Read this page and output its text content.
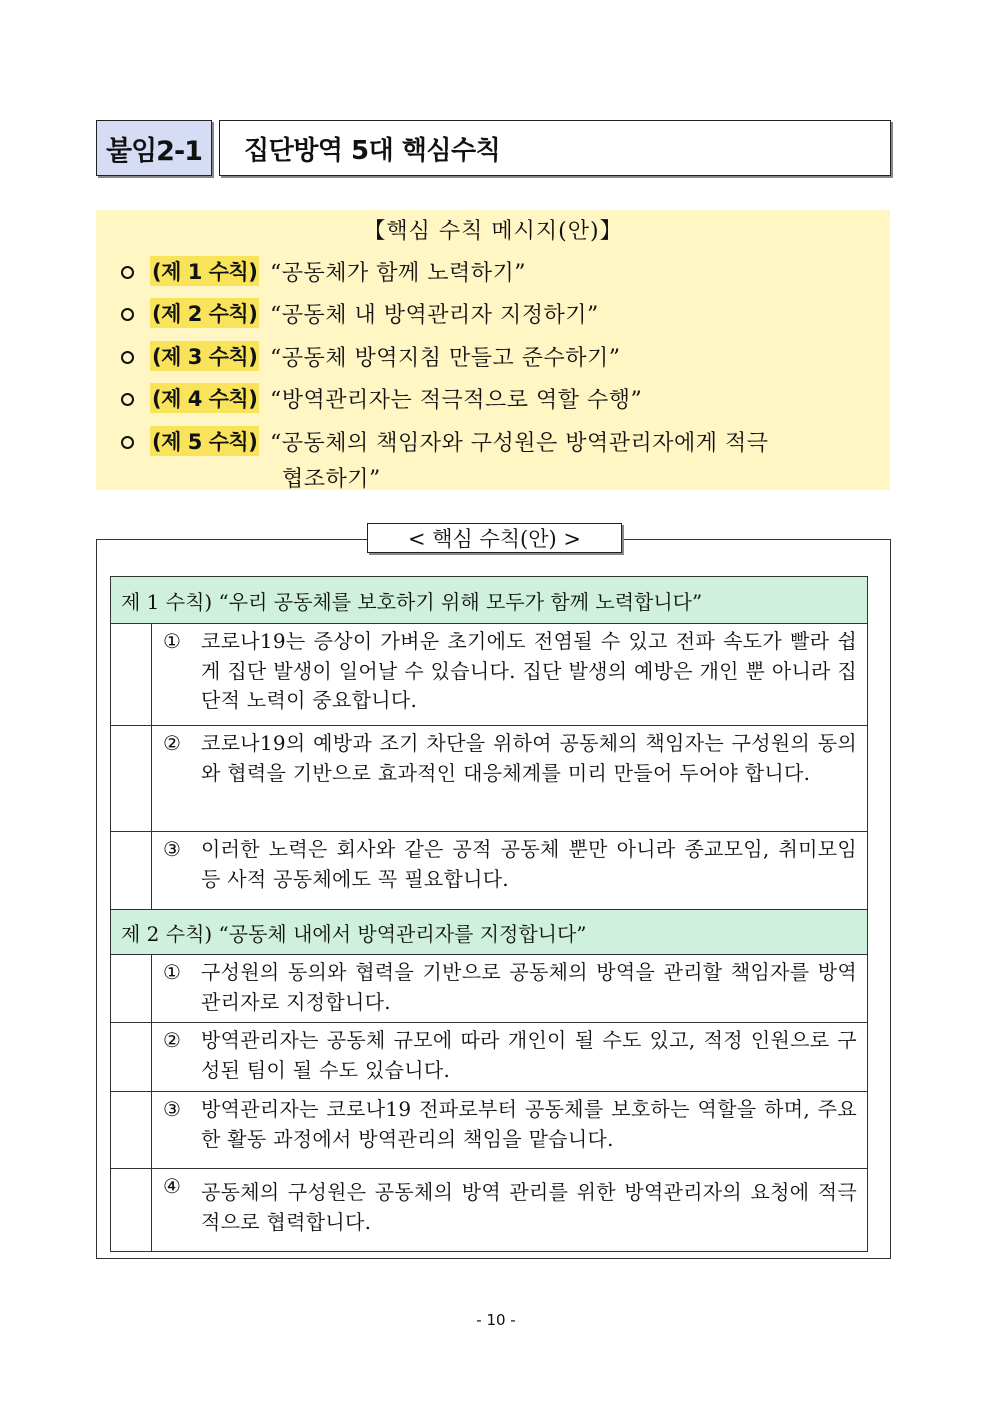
붙임2-1	집단방역 5대 핵심수칙
【핵심 수칙 메시지(안)】
(제 1 수칙) “공동체가 함께 노력하기”
(제 2 수칙) “공동체 내 방역관리자 지정하기”
(제 3 수칙) “공동체 방역지침 만들고 준수하기”
(제 4 수칙) “방역관리자는 적극적으로 역할 수행”
(제 5 수칙) “공동체의 책임자와 구성원은 방역관리자에게 적극
협조하기”
< 핵심 수칙(안) >
제 1 수칙) “우리 공동체를 보호하기 위해 모두가 함께 노력합니다”
① 코로나19는 증상이 가벼운 초기에도 전염될 수 있고 전파 속도가 빨라 쉽게 집단 발생이 일어날 수 있습니다. 집단 발생의 예방은 개인 뿐 아니라 집단적 노력이 중요합니다.
② 코로나19의 예방과 조기 차단을 위하여 공동체의 책임자는 구성원의 동의와 협력을 기반으로 효과적인 대응체계를 미리 만들어 두어야 합니다.
③ 이러한 노력은 회사와 같은 공적 공동체 뿐만 아니라 종교모임, 취미모임 등 사적 공동체에도 꼭 필요합니다.
제 2 수칙) “공동체 내에서 방역관리자를 지정합니다”
① 구성원의 동의와 협력을 기반으로 공동체의 방역을 관리할 책임자를 방역관리자로 지정합니다.
② 방역관리자는 공동체 규모에 따라 개인이 될 수도 있고, 적정 인원으로 구성된 팀이 될 수도 있습니다.
③ 방역관리자는 코로나19 전파로부터 공동체를 보호하는 역할을 하며, 주요한 활동 과정에서 방역관리의 책임을 맡습니다.
④ 공동체의 구성원은 공동체의 방역 관리를 위한 방역관리자의 요청에 적극적으로 협력합니다.
- 10 -
